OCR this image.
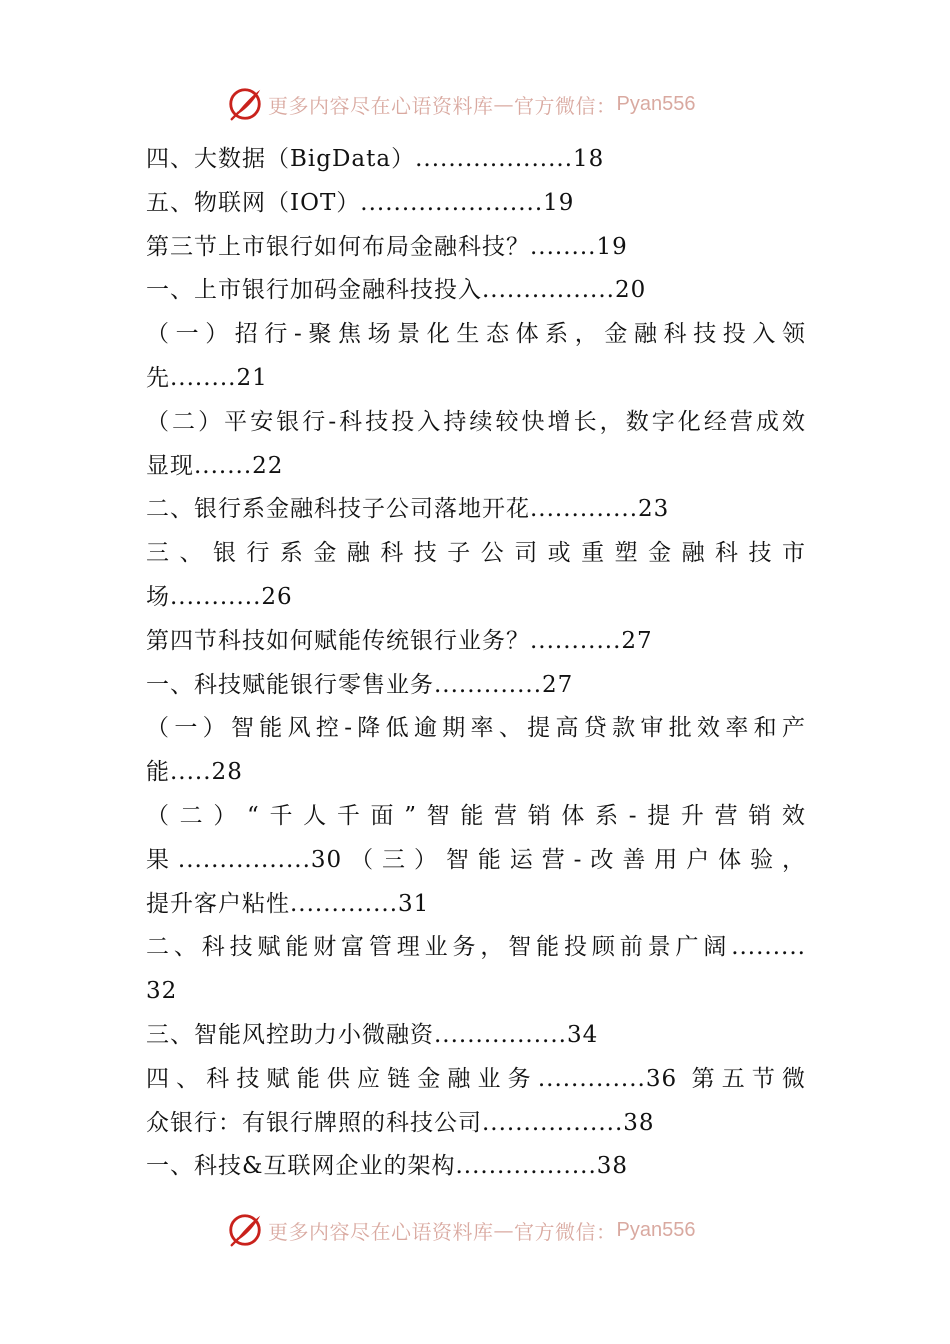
更多内容尽在心语资料库 — 官方微信： Pyan556
四、大数据（BigData）...................18
五、物联网（IOT）......................19
第三节上市银行如何布局金融科技？........19
一、上市银行加码金融科技投入................20
（一）招行-聚焦场景化生态体系，金融科技投入领
先........21
（二）平安银行-科技投入持续较快增长，数字化经营成效
显现.......22
二、银行系金融科技子公司落地开花.............23
三、银行系金融科技子公司或重塑金融科技市
场...........26
第四节科技如何赋能传统银行业务？...........27
一、科技赋能银行零售业务.............27
（一）智能风控-降低逾期率、提高贷款审批效率和产
能.....28
（二）“千人千面”智能营销体系-提升营销效
果................30（三）智能运营-改善用户体验，
提升客户粘性.............31
二、科技赋能财富管理业务，智能投顾前景广阔.........
32
三、智能风控助力小微融资................34
四、科技赋能供应链金融业务.............36 第五节微
众银行：有银行牌照的科技公司.................38
一、科技&互联网企业的架构.................38
更多内容尽在心语资料库 — 官方微信： Pyan556
